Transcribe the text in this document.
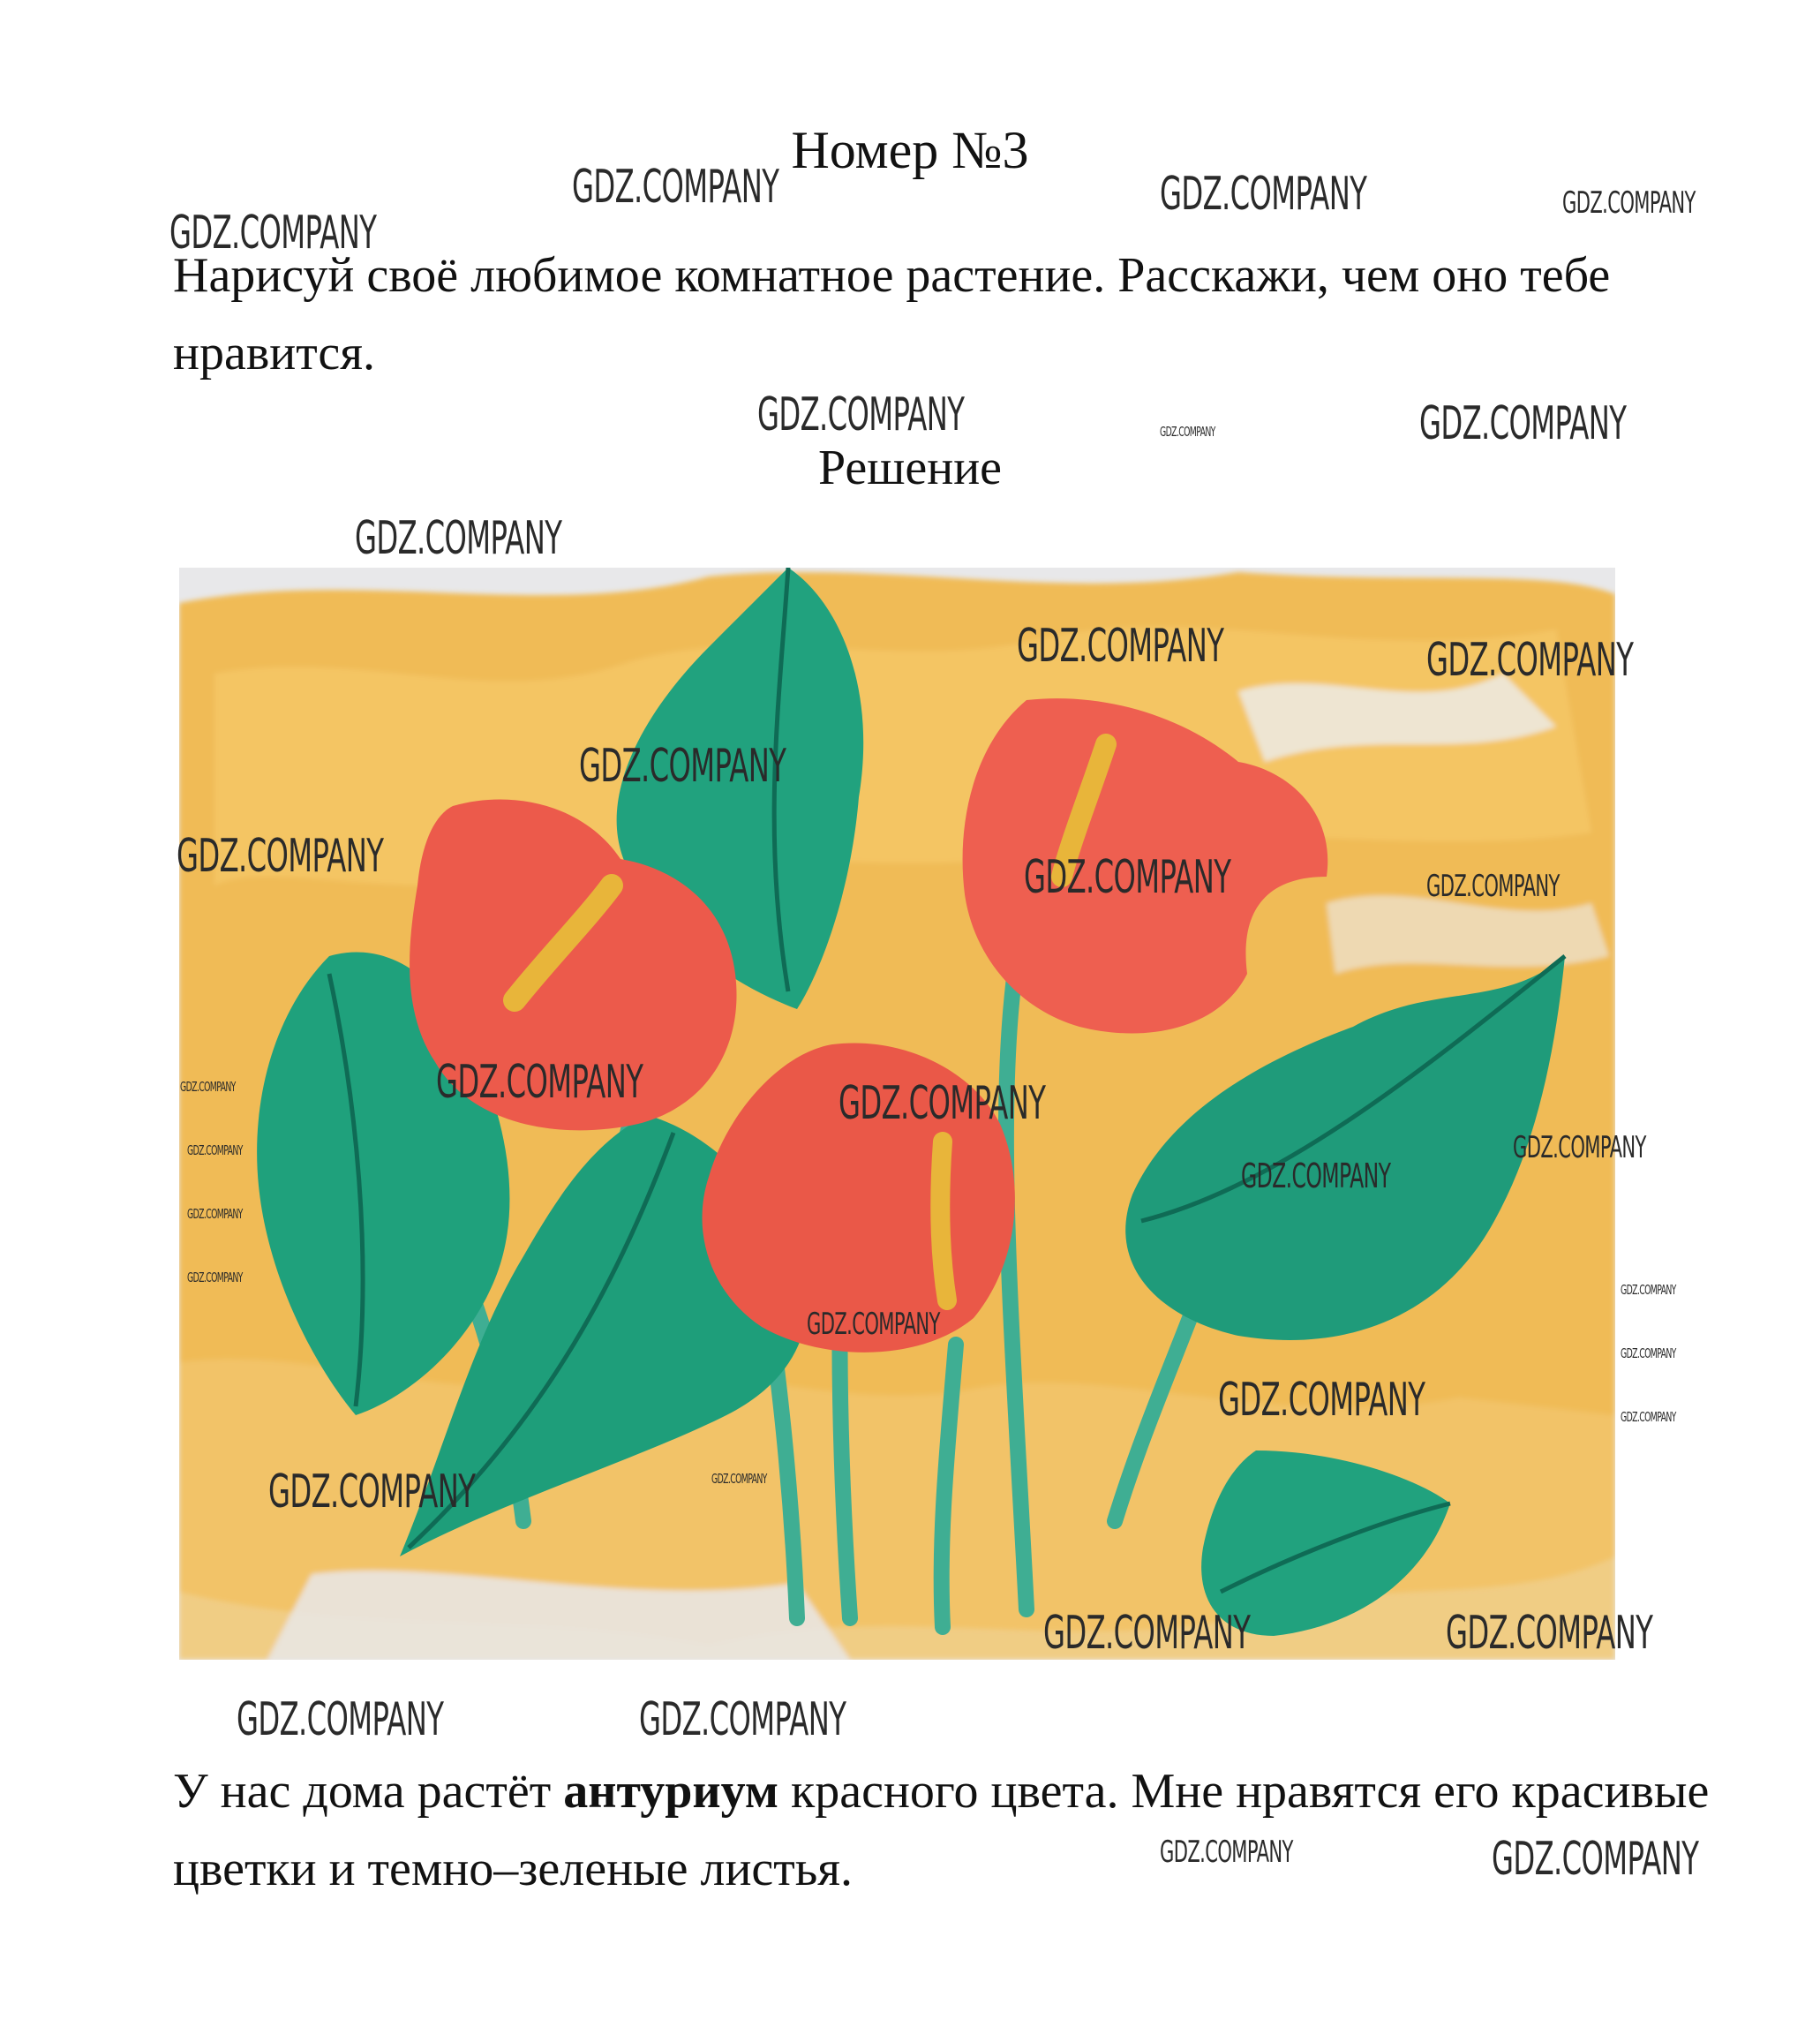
Номер №3

Нарисуй своё любимое комнатное растение. Расскажи, чем оно тебе нравится.

Решение

У нас дома растёт антуриум красного цвета. Мне нравятся его красивые цветки и темно–зеленые листья.

GDZ.COMPANY	GDZ.COMPANY	GDZ.COMPANY
GDZ.COMPANY
GDZ.COMPANY	GDZ.COMPANY	GDZ.COMPANY
GDZ.COMPANY
GDZ.COMPANY	GDZ.COMPANY
GDZ.COMPANY
GDZ.COMPANY	GDZ.COMPANY	GDZ.COMPANY
GDZ.COMPANY	GDZ.COMPANY	GDZ.COMPANY
GDZ.COMPANY
GDZ.COMPANY
GDZ.COMPANY
GDZ.COMPANY
GDZ.COMPANY
GDZ.COMPANY
GDZ.COMPANY
GDZ.COMPANY
GDZ.COMPANY	GDZ.COMPANY
GDZ.COMPANY
GDZ.COMPANY
GDZ.COMPANY	GDZ.COMPANY
GDZ.COMPANY	GDZ.COMPANY
GDZ.COMPANY	GDZ.COMPANY
